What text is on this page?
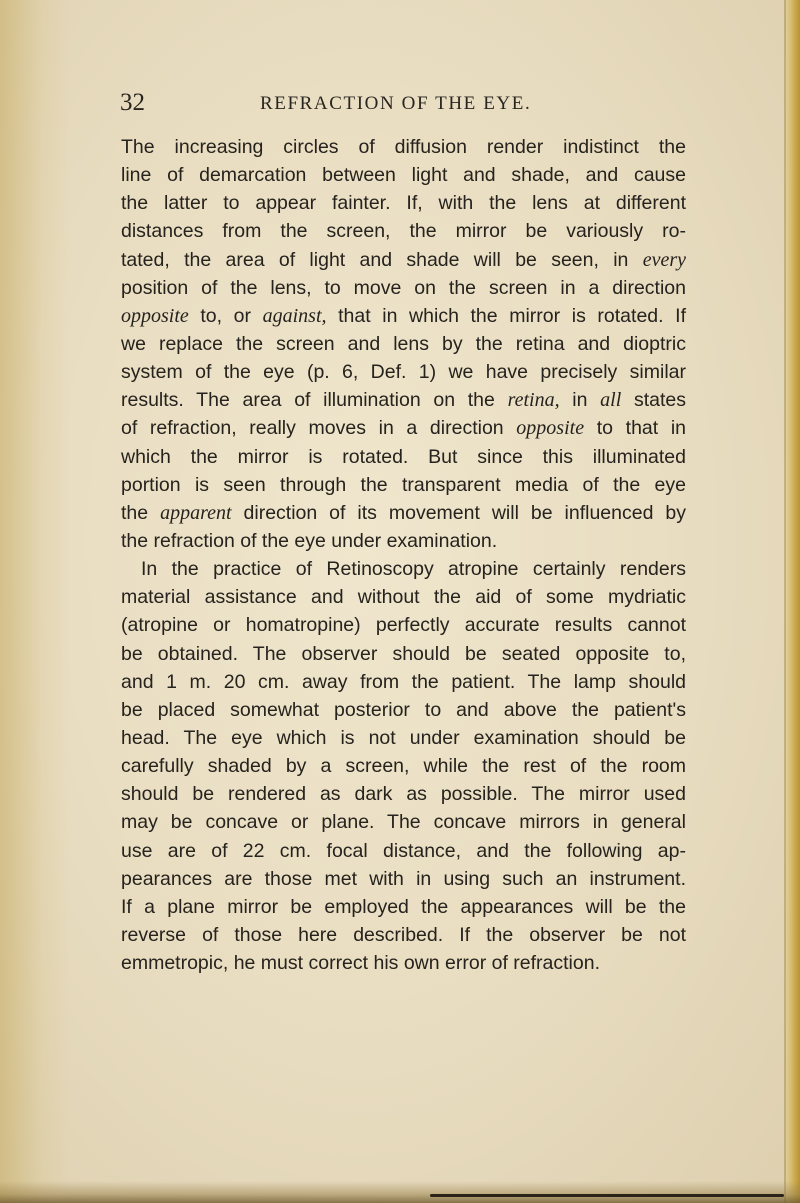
32	REFRACTION OF THE EYE.
The increasing circles of diffusion render indistinct the
line of demarcation between light and shade, and cause
the latter to appear fainter. If, with the lens at different
distances from the screen, the mirror be variously ro-
tated, the area of light and shade will be seen, in every
position of the lens, to move on the screen in a direction
opposite to, or against, that in which the mirror is rotated. If
we replace the screen and lens by the retina and dioptric
system of the eye (p. 6, Def. 1) we have precisely similar
results. The area of illumination on the retina, in all states
of refraction, really moves in a direction opposite to that in
which the mirror is rotated. But since this illuminated
portion is seen through the transparent media of the eye
the apparent direction of its movement will be influenced by
the refraction of the eye under examination.
In the practice of Retinoscopy atropine certainly renders
material assistance and without the aid of some mydriatic
(atropine or homatropine) perfectly accurate results cannot
be obtained. The observer should be seated opposite to,
and 1 m. 20 cm. away from the patient. The lamp should
be placed somewhat posterior to and above the patient's
head. The eye which is not under examination should be
carefully shaded by a screen, while the rest of the room
should be rendered as dark as possible. The mirror used
may be concave or plane. The concave mirrors in general
use are of 22 cm. focal distance, and the following ap-
pearances are those met with in using such an instrument.
If a plane mirror be employed the appearances will be the
reverse of those here described. If the observer be not
emmetropic, he must correct his own error of refraction.
